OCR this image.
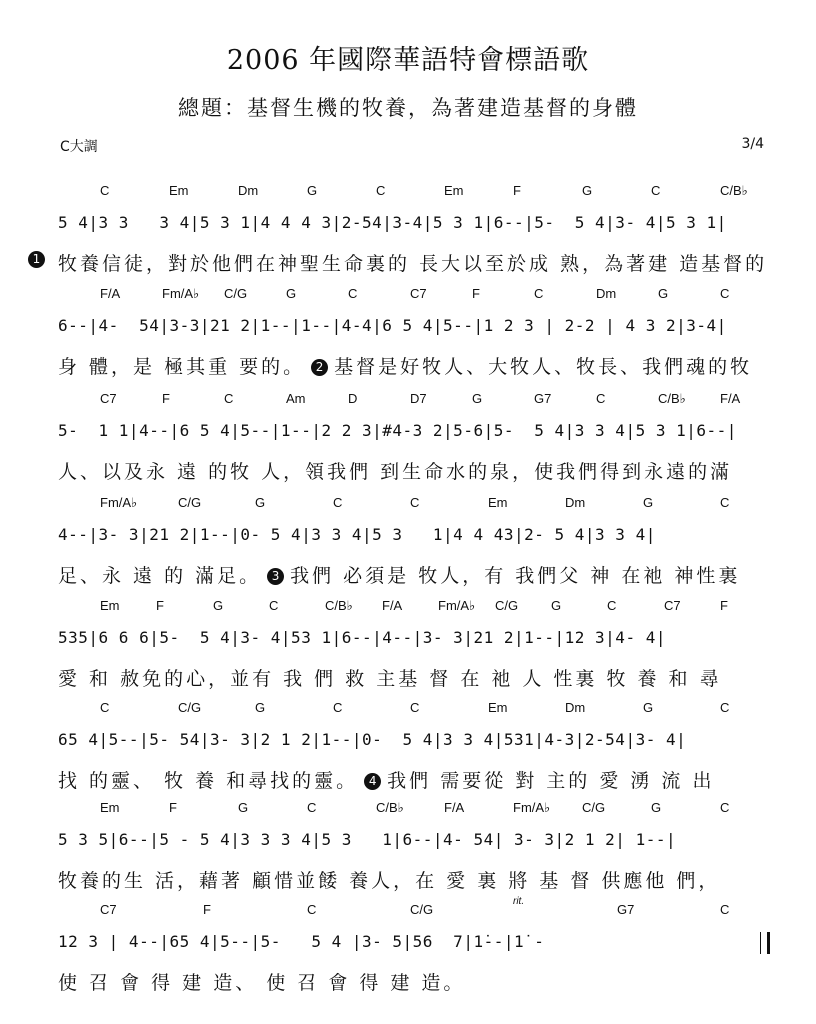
2006 年國際華語特會標語歌
總題：基督生機的牧養，為著建造基督的身體
C大調	3/4
C	Em	Dm	G	C	Em	F	G	C	C/B♭
5 4|3 3   3 4|5 3 1|4 4 4 3|2-54|3-4|5 3 1|6--|5-  5 4|3- 4|5 3 1|
1 牧養信徒，對於他們在神聖生命裏的 長大以至於成 熟，為著建 造基督的
F/A	Fm/A♭ C/G	G	C	C7	F	C	Dm	G	C
6--|4-  54|3-3|21 2|1--|1--|4-4|6 5 4|5--|1 2 3 | 2-2 | 4 3 2|3-4|
身 體，是 極其重 要的。 2 基督是好牧人、大牧人、牧長、我們魂的牧
C7	F	C	Am	D	D7	G	G7	C	C/B♭	F/A
5-  1 1|4--|6 5 4|5--|1--|2 2 3|#4-3 2|5-6|5-  5 4|3 3 4|5 3 1|6--|
人、以及永 遠 的牧 人，領我們 到生命水的泉，使我們得到永遠的滿
Fm/A♭	C/G	G	C	C	Em	Dm	G	C
4--|3- 3|21 2|1--|0- 5 4|3 3 4|5 3   1|4 4 43|2- 5 4|3 3 4|
足、永 遠 的 滿足。 3 我們 必須是 牧人，有 我們父 神 在祂 神性裏
Em	F	G	C	C/B♭ F/A	Fm/A♭ C/G	G	C	C7	F
535|6 6 6|5-  5 4|3- 4|53 1|6--|4--|3- 3|21 2|1--|12 3|4- 4|
愛 和 赦免的心，並有 我 們 救 主基 督 在 祂 人 性裏 牧 養 和 尋
C	C/G	G	C	C	Em	Dm	G	C
65 4|5--|5- 54|3- 3|2 1 2|1--|0-  5 4|3 3 4|531|4-3|2-54|3- 4|
找 的靈、 牧 養 和尋找的靈。 4 我們 需要從 對 主的 愛 湧 流 出
Em	F	G	C	C/B♭	F/A	Fm/A♭ C/G	G	C
5 3 5|6--|5 - 5 4|3 3 3 4|5 3   1|6--|4- 54| 3- 3|2 1 2| 1--|
牧養的生 活，藉著 顧惜並餧 養人，在 愛 裏 將 基 督 供應他 們，
C7	F	C	C/G
rit.
G7	C
12 3 | 4--|65 4|5--|5-   5 4 |3- 5|56  7|1̇--|1̇ -
使 召 會 得 建 造、 使 召 會 得 建 造。
